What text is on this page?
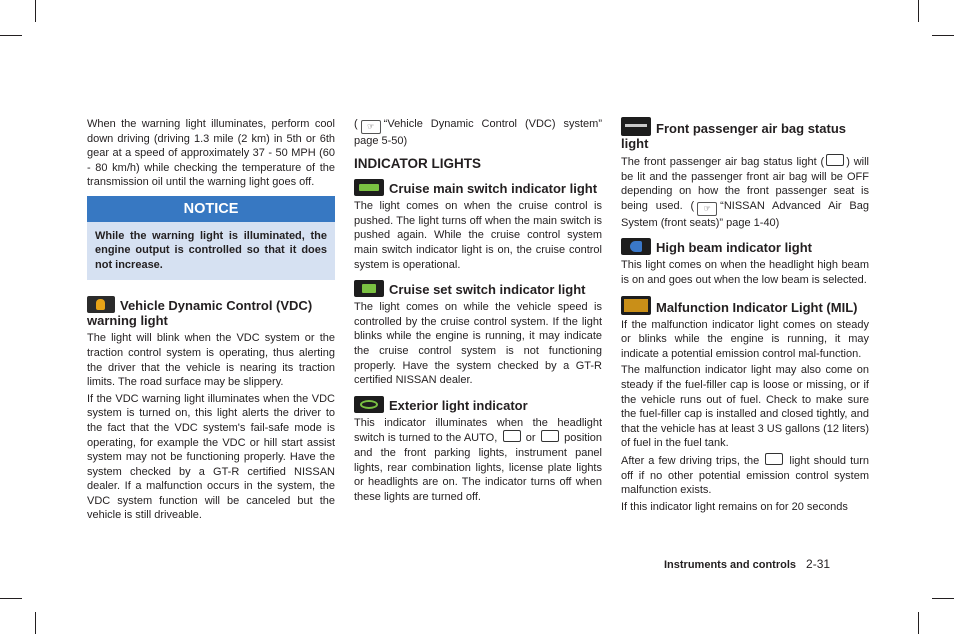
When the warning light illuminates, perform cool down driving (driving 1.3 mile (2 km) in 5th or 6th gear at a speed of approximately 37 - 50 MPH (60 - 80 km/h) while checking the temperature of the transmission oil until the warning light goes off.

NOTICE
While the warning light is illuminated, the engine output is controlled so that it does not increase.
Vehicle Dynamic Control (VDC) warning light

The light will blink when the VDC system or the traction control system is operating, thus alerting the driver that the vehicle is nearing its traction limits. The road surface may be slippery.

If the VDC warning light illuminates when the VDC system is turned on, this light alerts the driver to the fact that the VDC system's fail-safe mode is operating, for example the VDC or hill start assist system may not be functioning properly. Have the system checked by a GT-R certified NISSAN dealer. If a malfunction occurs in the system, the VDC system function will be canceled but the vehicle is still driveable.

( ☞ “Vehicle Dynamic Control (VDC) system” page 5-50)

INDICATOR LIGHTS
Cruise main switch indicator light

The light comes on when the cruise control is pushed. The light turns off when the main switch is pushed again. While the cruise control system main switch indicator light is on, the cruise control system is operational.

Cruise set switch indicator light

The light comes on while the vehicle speed is controlled by the cruise control system. If the light blinks while the engine is running, it may indicate the cruise control system is not functioning properly. Have the system checked by a GT-R certified NISSAN dealer.

Exterior light indicator

This indicator illuminates when the headlight switch is turned to the AUTO,	or	position and the front parking lights, instrument panel lights, rear combination lights, license plate lights or headlights are on. The indicator turns off when these lights are turned off.

Front passenger air bag status light

The front passenger air bag status light ( ) will be lit and the passenger front air bag will be OFF depending on how the front passenger seat is being used. ( ☞ “NISSAN Advanced Air Bag System (front seats)” page 1-40)

High beam indicator light

This light comes on when the headlight high beam is on and goes out when the low beam is selected.

Malfunction Indicator Light (MIL)

If the malfunction indicator light comes on steady or blinks while the engine is running, it may indicate a potential emission control mal-function.

The malfunction indicator light may also come on steady if the fuel-filler cap is loose or missing, or if the vehicle runs out of fuel. Check to make sure the fuel-filler cap is installed and closed tightly, and that the vehicle has at least 3 US gallons (12 liters) of fuel in the fuel tank.

After a few driving trips, the	light should turn off if no other potential emission control system malfunction exists.

If this indicator light remains on for 20 seconds

Instruments and controls 2-31
